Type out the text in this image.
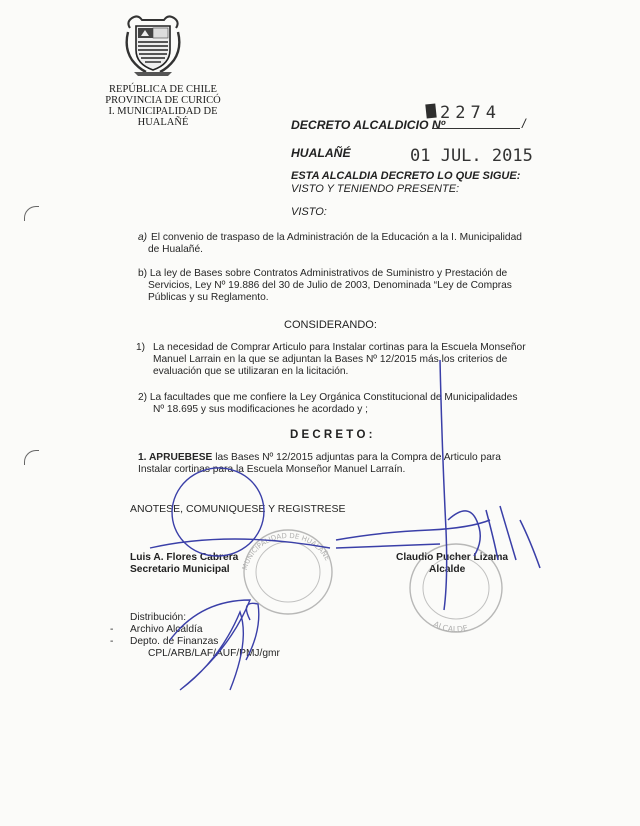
REPÚBLICA DE CHILE
PROVINCIA DE CURICÓ
I. MUNICIPALIDAD DE HUALAÑÉ	DECRETO ALCALDICIO Nº
2274
/
HUALAÑÉ	01 JUL. 2015
ESTA ALCALDIA DECRETO LO QUE SIGUE:
VISTO Y TENIENDO PRESENTE:
VISTO:
a) El convenio de traspaso de la Administración de la Educación a la I. Municipalidad
de Hualañé.
b) La ley de Bases sobre Contratos Administrativos de Suministro y Prestación de
Servicios, Ley Nº 19.886 del 30 de Julio de 2003, Denominada “Ley de Compras
Públicas y su Reglamento.
CONSIDERANDO:
1) La necesidad de Comprar Articulo para Instalar cortinas para la Escuela Monseñor
Manuel Larrain en la que se adjuntan la Bases Nº 12/2015 más los criterios de
evaluación que se utilizaran en la licitación.
2) La facultades que me confiere la Ley Orgánica Constitucional de Municipalidades
Nº 18.695 y sus modificaciones he acordado y ;
D E C R E T O :
1. APRUEBESE las Bases Nº 12/2015 adjuntas para la Compra de Articulo para
Instalar cortinas para la Escuela Monseñor Manuel Larraín.
ANOTESE, COMUNIQUESE Y REGISTRESE
Luis A. Flores Cabrera
Secretario Municipal
Claudio Pucher Lizama
Alcalde
Distribución:
- Archivo Alcaldía
- Depto. de Finanzas
CPL/ARB/LAF/AUF/PMJ/gmr
MUNICIPALIDAD DE HUALAÑE
ALCALDE
